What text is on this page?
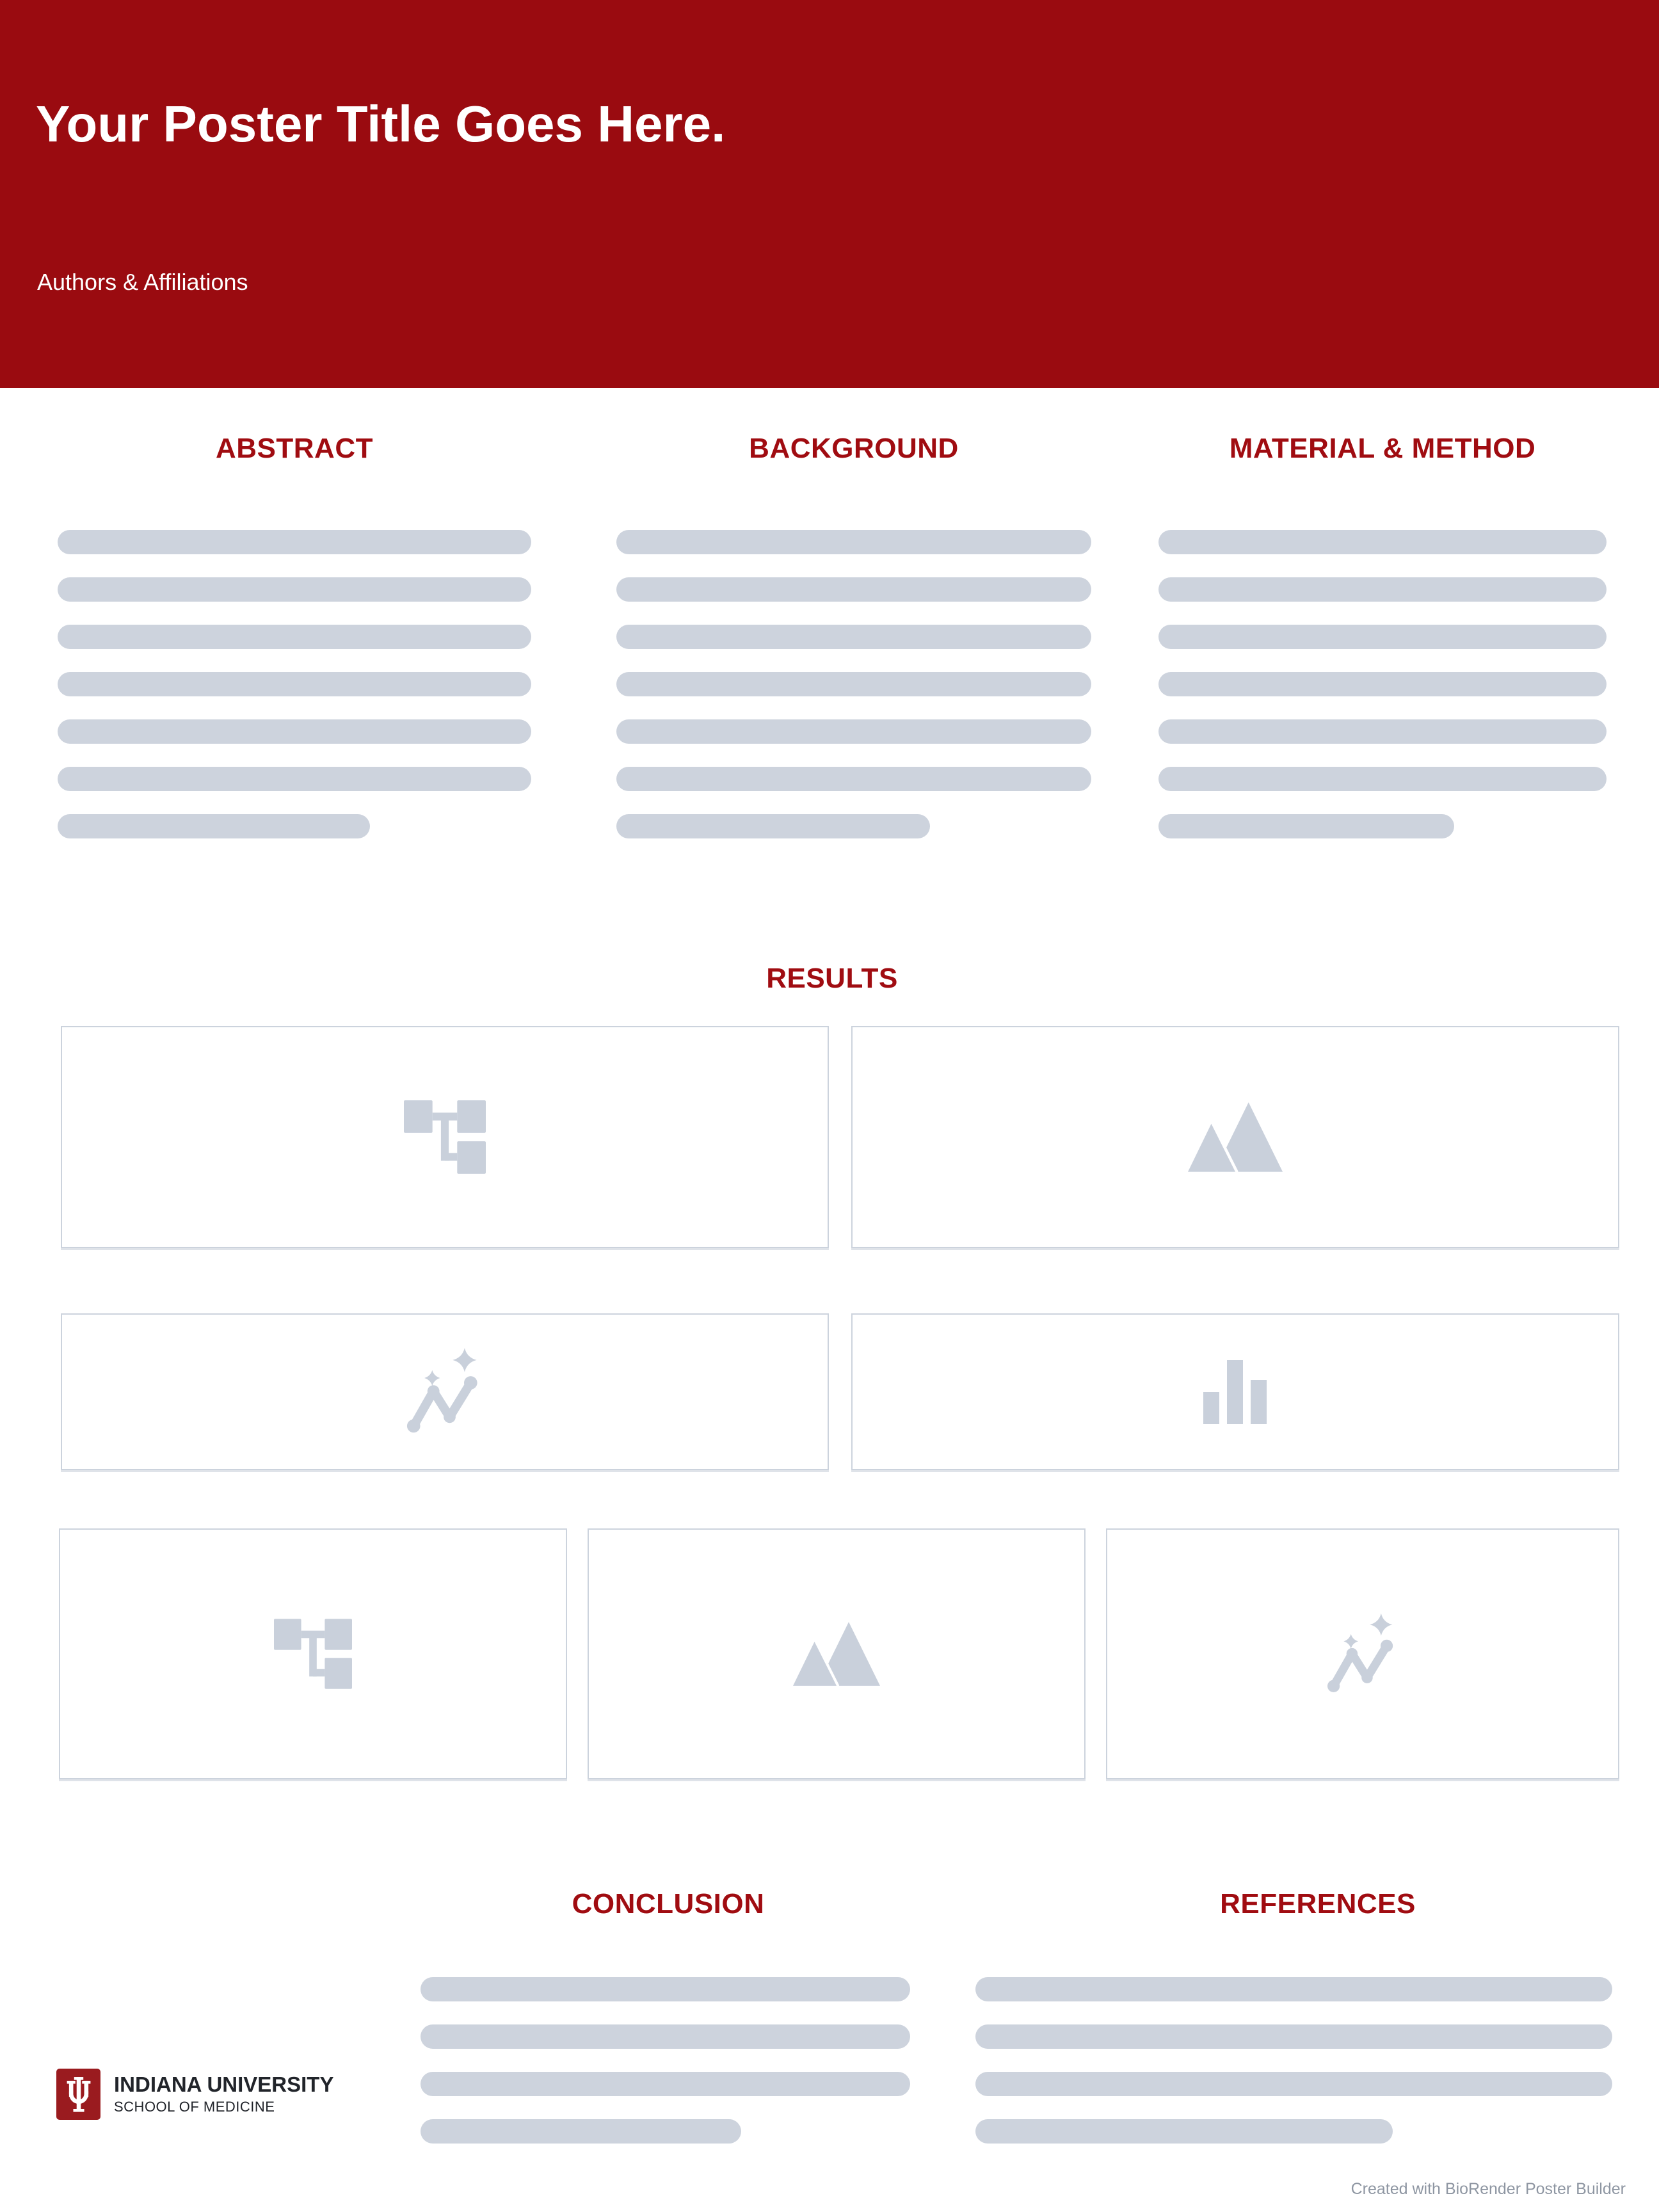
Your Poster Title Goes Here.
Authors & Affiliations
ABSTRACT	BACKGROUND	MATERIAL & METHOD
RESULTS
CONCLUSION	REFERENCES
INDIANA UNIVERSITY
SCHOOL OF MEDICINE
Created with BioRender Poster Builder
